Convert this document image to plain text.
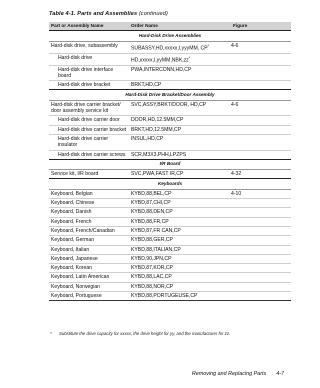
Table 4-1. Parts and Assemblies (continued)
Part or Assembly Name	Order Name	Figure
Hard-Disk Drive Assemblies		
Hard-disk drive, subassembly	SUBASSY,HD,xxxxx,I,yyyMM, CP*	4-6
Hard-disk drive	HD,xxxxx,I,yyMM,NBK,zz*	
Hard-disk drive interface board	PWA,INTERCONN,HD,CP	
Hard-disk drive bracket	BRKT,HD,CP	
Hard-Disk Drive Bracket/Door Assembly		
Hard-disk drive carrier bracket/ door assembly service kit	SVC,ASSY,BRKT/DOOR, HD,CP	4-6
Hard-disk drive carrier door	DOOR,HD,12.5MM,CP	
Hard-disk drive carrier bracket	BRKT,HD,12.5MM,CP	
Hard-disk drive carrier insulator	INSUL,HD,CP	
Hard-disk drive carrier screws	SCR,M3X3,PHH,LPZPS	
I/R Board		
Service kit, I/R board	SVC,PWA,FAST IR,CP	4-32
Keyboards		
Keyboard, Belgian	KYBD,88,BEL,CP	4-10
Keyboard, Chinese	KYBD,87,CHI,CP	
Keyboard, Danish	KYBD,88,DEN,CP	
Keyboard, French	KYBD,88,FR,CP	
Keyboard, French/Canadian	KYBD,87,FR CAN,CP	
Keyboard, German	KYBD,88,GER,CP	
Keyboard, Italian	KYBD,88,ITALIAN,CP	
Keyboard, Japanese	KYBD,90,JPN,CP	
Keyboard, Korean	KYBD,87,KOR,CP	
Keyboard, Latin American	KYBD,88,LAC,CP	
Keyboard, Norwegian	KYBD,88,NOR,CP	
Keyboard, Portuguese	KYBD,88,PORTUGEUSE,CP	
* Substitute the drive capacity for xxxxx, the drive height for yy, and the manufacturer for zz.
Removing and Replacing Parts 4-7
